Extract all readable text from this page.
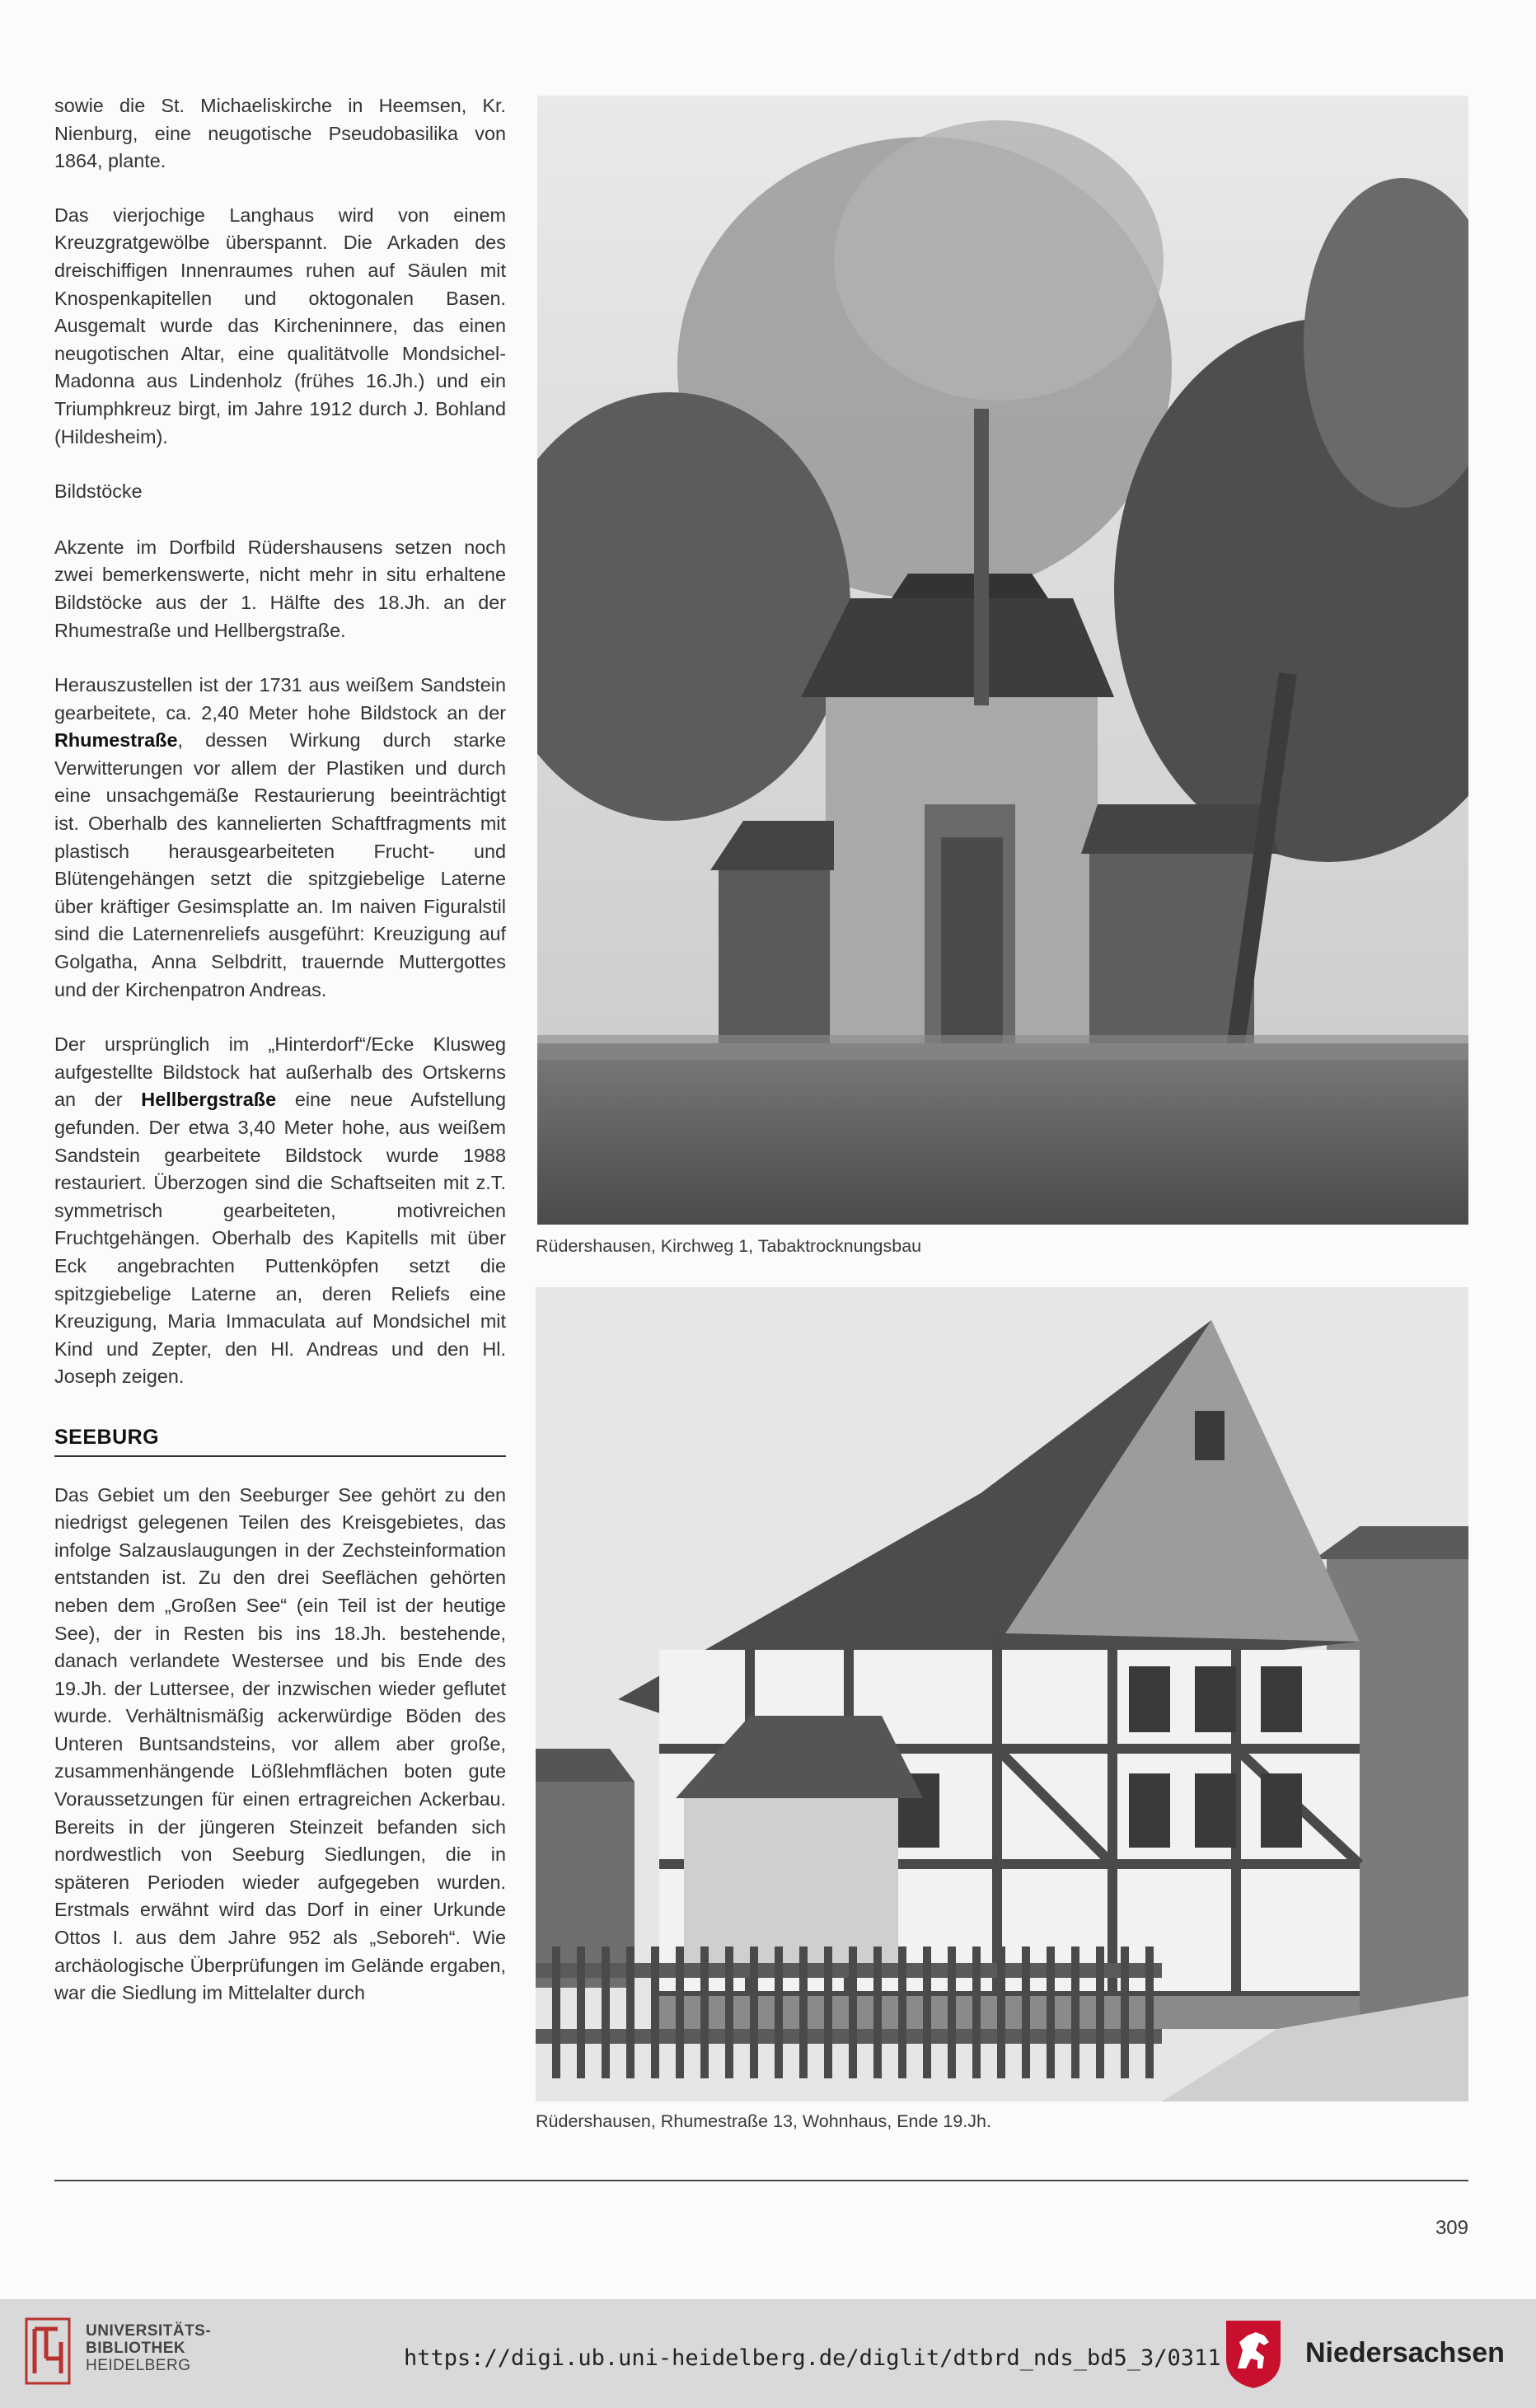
sowie die St. Michaeliskirche in Heemsen, Kr. Nienburg, eine neugotische Pseudobasilika von 1864, plante.

Das vierjochige Langhaus wird von einem Kreuzgratgewölbe überspannt. Die Arkaden des dreischiffigen Innenraumes ruhen auf Säulen mit Knospenkapitellen und oktogonalen Basen. Ausgemalt wurde das Kircheninnere, das einen neugotischen Altar, eine qualitätvolle Mondsichel-Madonna aus Lindenholz (frühes 16.Jh.) und ein Triumphkreuz birgt, im Jahre 1912 durch J. Bohland (Hildesheim).

Bildstöcke

Akzente im Dorfbild Rüdershausens setzen noch zwei bemerkenswerte, nicht mehr in situ erhaltene Bildstöcke aus der 1. Hälfte des 18.Jh. an der Rhumestraße und Hellbergstraße.

Herauszustellen ist der 1731 aus weißem Sandstein gearbeitete, ca. 2,40 Meter hohe Bildstock an der Rhumestraße, dessen Wirkung durch starke Verwitterungen vor allem der Plastiken und durch eine unsachgemäße Restaurierung beeinträchtigt ist. Oberhalb des kannelierten Schaftfragments mit plastisch herausgearbeiteten Frucht- und Blütengehängen setzt die spitzgiebelige Laterne über kräftiger Gesimsplatte an. Im naiven Figuralstil sind die Laternenreliefs ausgeführt: Kreuzigung auf Golgatha, Anna Selbdritt, trauernde Muttergottes und der Kirchenpatron Andreas.

Der ursprünglich im „Hinterdorf“/Ecke Klusweg aufgestellte Bildstock hat außerhalb des Ortskerns an der Hellbergstraße eine neue Aufstellung gefunden. Der etwa 3,40 Meter hohe, aus weißem Sandstein gearbeitete Bildstock wurde 1988 restauriert. Überzogen sind die Schaftseiten mit z.T. symmetrisch gearbeiteten, motivreichen Fruchtgehängen. Oberhalb des Kapitells mit über Eck angebrachten Puttenköpfen setzt die spitzgiebelige Laterne an, deren Reliefs eine Kreuzigung, Maria Immaculata auf Mondsichel mit Kind und Zepter, den Hl. Andreas und den Hl. Joseph zeigen.

SEEBURG

Das Gebiet um den Seeburger See gehört zu den niedrigst gelegenen Teilen des Kreisgebietes, das infolge Salzauslaugungen in der Zechsteinformation entstanden ist. Zu den drei Seeflächen gehörten neben dem „Großen See“ (ein Teil ist der heutige See), der in Resten bis ins 18.Jh. bestehende, danach verlandete Westersee und bis Ende des 19.Jh. der Luttersee, der inzwischen wieder geflutet wurde. Verhältnismäßig ackerwürdige Böden des Unteren Buntsandsteins, vor allem aber große, zusammenhängende Lößlehmflächen boten gute Voraussetzungen für einen ertragreichen Ackerbau. Bereits in der jüngeren Steinzeit befanden sich nordwestlich von Seeburg Siedlungen, die in späteren Perioden wieder aufgegeben wurden. Erstmals erwähnt wird das Dorf in einer Urkunde Ottos I. aus dem Jahre 952 als „Seboreh“. Wie archäologische Überprüfungen im Gelände ergaben, war die Siedlung im Mittelalter durch

Rüdershausen, Kirchweg 1, Tabaktrocknungsbau
Rüdershausen, Rhumestraße 13, Wohnhaus, Ende 19.Jh.
309
UNIVERSITÄTS-
BIBLIOTHEK
HEIDELBERG	https://digi.ub.uni-heidelberg.de/diglit/dtbrd_nds_bd5_3/0311	Niedersachsen
